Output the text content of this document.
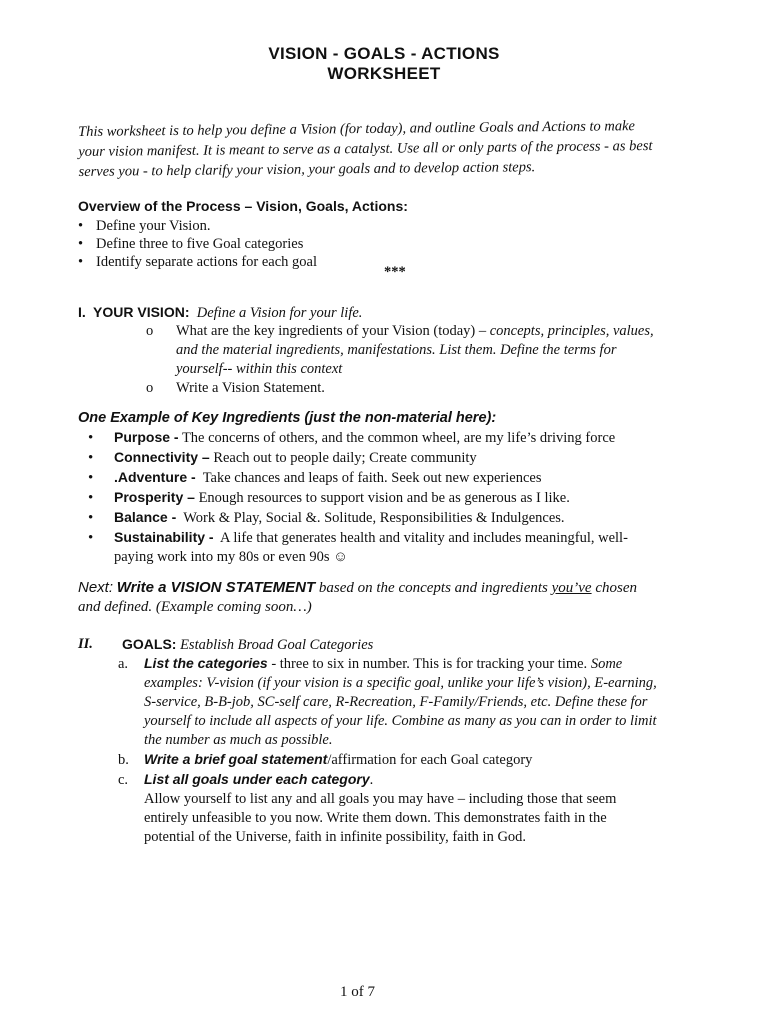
VISION - GOALS - ACTIONS
WORKSHEET
This worksheet is to help you define a Vision (for today), and outline Goals and Actions to make
your vision manifest. It is meant to serve as a catalyst. Use all or only parts of the process - as best
serves you - to help clarify your vision, your goals and to develop action steps.
Overview of the Process – Vision, Goals, Actions:
• Define your Vision.
• Define three to five Goal categories
• Identify separate actions for each goal
***
I. YOUR VISION: Define a Vision for your life.
o What are the key ingredients of your Vision (today) – concepts, principles, values,
and the material ingredients, manifestations. List them. Define the terms for
yourself-- within this context
o Write a Vision Statement.
One Example of Key Ingredients (just the non-material here):
• Purpose - The concerns of others, and the common wheel, are my life’s driving force
• Connectivity – Reach out to people daily; Create community
• .Adventure - Take chances and leaps of faith. Seek out new experiences
• Prosperity – Enough resources to support vision and be as generous as I like.
• Balance - Work & Play, Social &. Solitude, Responsibilities & Indulgences.
• Sustainability - A life that generates health and vitality and includes meaningful, well-
paying work into my 80s or even 90s ☺
Next: Write a VISION STATEMENT based on the concepts and ingredients you’ve chosen
and defined. (Example coming soon…)
II. GOALS: Establish Broad Goal Categories
a. List the categories - three to six in number. This is for tracking your time. Some
examples: V-vision (if your vision is a specific goal, unlike your life’s vision), E-earning,
S-service, B-B-job, SC-self care, R-Recreation, F-Family/Friends, etc. Define these for
yourself to include all aspects of your life. Combine as many as you can in order to limit
the number as much as possible.
b. Write a brief goal statement/affirmation for each Goal category
c. List all goals under each category.
Allow yourself to list any and all goals you may have – including those that seem
entirely unfeasible to you now. Write them down. This demonstrates faith in the
potential of the Universe, faith in infinite possibility, faith in God.
1 of 7
